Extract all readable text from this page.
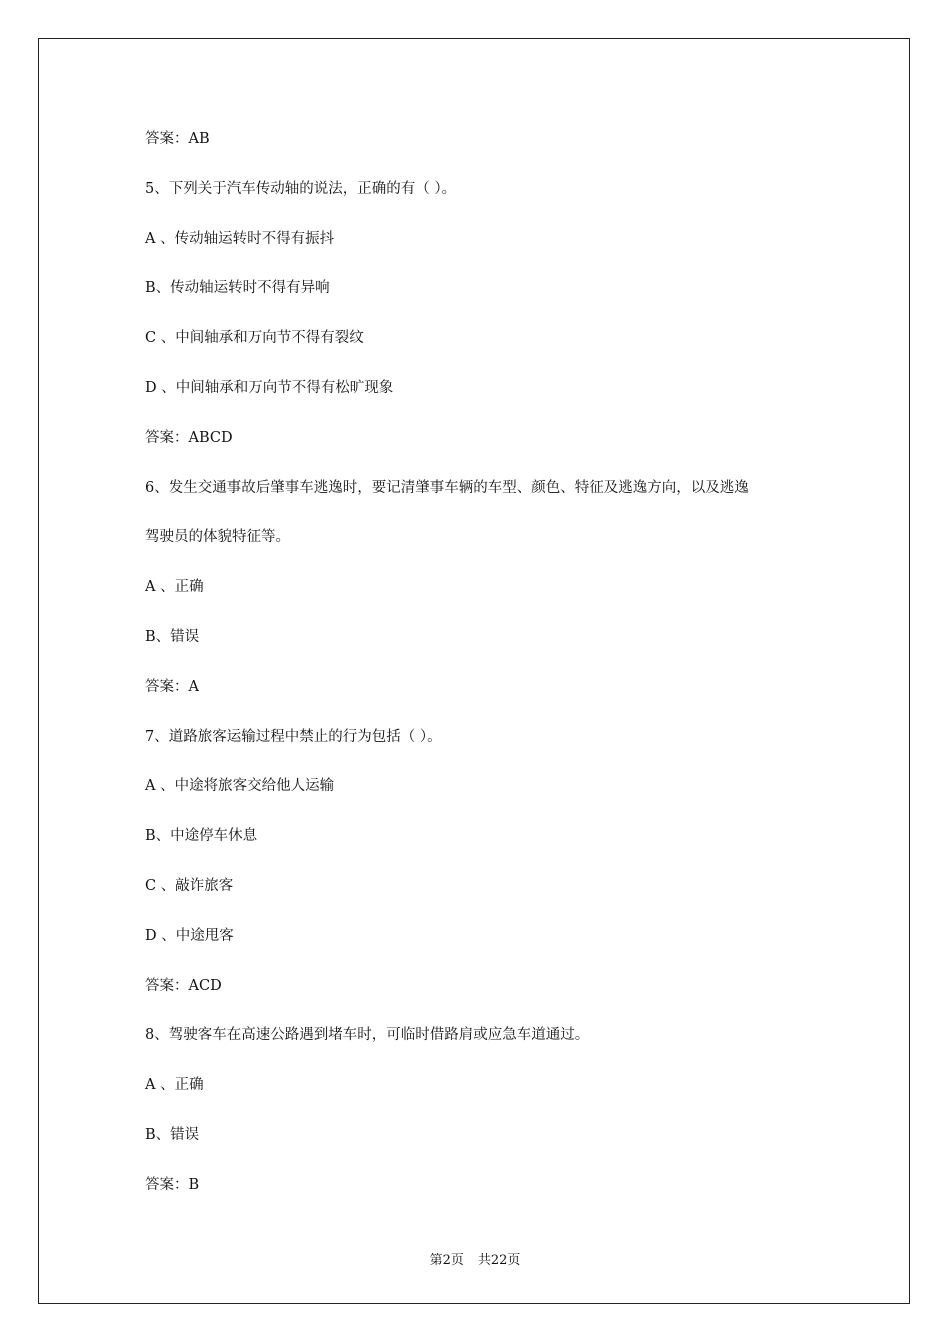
答案：AB
5、下列关于汽车传动轴的说法，正确的有（ ）。
A 、传动轴运转时不得有振抖
B、传动轴运转时不得有异响
C 、中间轴承和万向节不得有裂纹
D 、中间轴承和万向节不得有松旷现象
答案：ABCD
6、发生交通事故后肇事车逃逸时，要记清肇事车辆的车型、颜色、特征及逃逸方向，以及逃逸
驾驶员的体貌特征等。
A 、正确
B、错误
答案：A
7、道路旅客运输过程中禁止的行为包括（ ）。
A 、中途将旅客交给他人运输
B、中途停车休息
C 、敲诈旅客
D 、中途甩客
答案：ACD
8、驾驶客车在高速公路遇到堵车时，可临时借路肩或应急车道通过。
A 、正确
B、错误
答案：B
第2页 共22页
